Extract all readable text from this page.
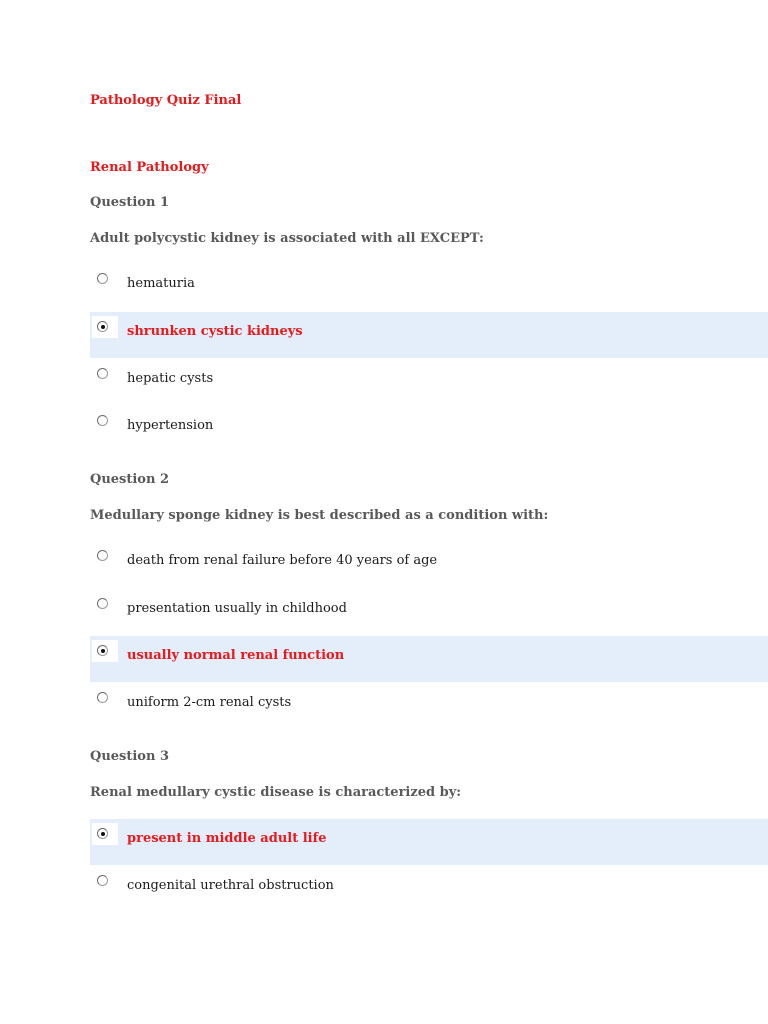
Pathology Quiz Final
Renal Pathology
Question 1
Adult polycystic kidney is associated with all EXCEPT:
hematuria
shrunken cystic kidneys
hepatic cysts
hypertension
Question 2
Medullary sponge kidney is best described as a condition with:
death from renal failure before 40 years of age
presentation usually in childhood
usually normal renal function
uniform 2-cm renal cysts
Question 3
Renal medullary cystic disease is characterized by:
present in middle adult life
congenital urethral obstruction
